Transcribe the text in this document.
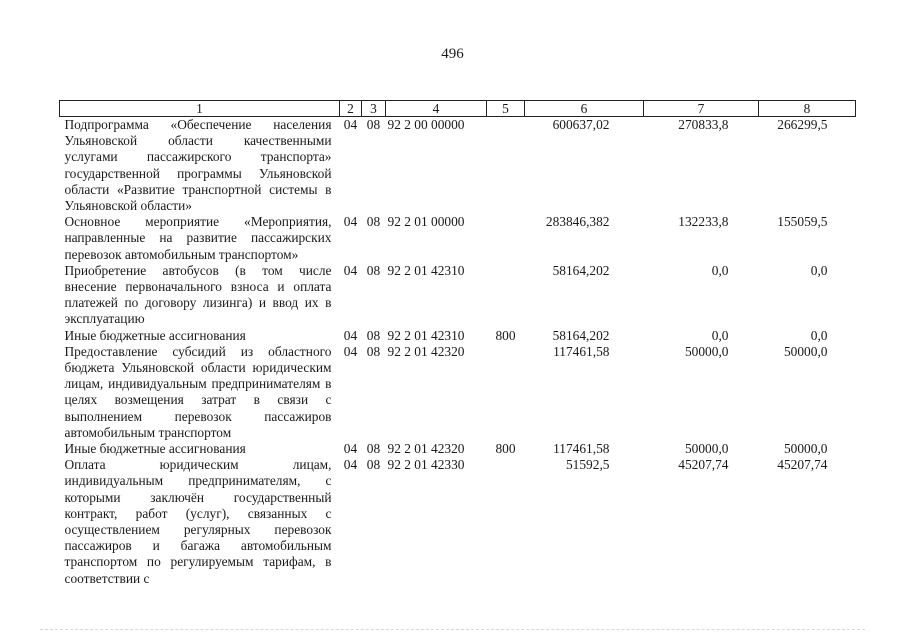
496
1	2	3	4	5	6	7	8
Подпрограмма «Обеспечение населения Ульяновской области качественными услугами пассажирского транспорта» государственной программы Ульяновской области «Развитие транспортной системы в Ульяновской области»	04	08	92 2 00 00000		600637,02	270833,8	266299,5
Основное мероприятие «Мероприятия, направленные на развитие пассажирских перевозок автомобильным транспортом»	04	08	92 2 01 00000		283846,382	132233,8	155059,5
Приобретение автобусов (в том числе внесение первоначального взноса и оплата платежей по договору лизинга) и ввод их в эксплуатацию	04	08	92 2 01 42310		58164,202	0,0	0,0
Иные бюджетные ассигнования	04	08	92 2 01 42310	800	58164,202	0,0	0,0
Предоставление субсидий из областного бюджета Ульяновской области юридическим лицам, индивидуальным предпринимателям в целях возмещения затрат в связи с выполнением перевозок пассажиров автомобильным транспортом	04	08	92 2 01 42320		117461,58	50000,0	50000,0
Иные бюджетные ассигнования	04	08	92 2 01 42320	800	117461,58	50000,0	50000,0
Оплата юридическим лицам, индивидуальным предпринимателям, с которыми заключён государственный контракт, работ (услуг), связанных с осуществлением регулярных перевозок пассажиров и багажа автомобильным транспортом по регулируемым тарифам, в соответствии с	04	08	92 2 01 42330		51592,5	45207,74	45207,74
